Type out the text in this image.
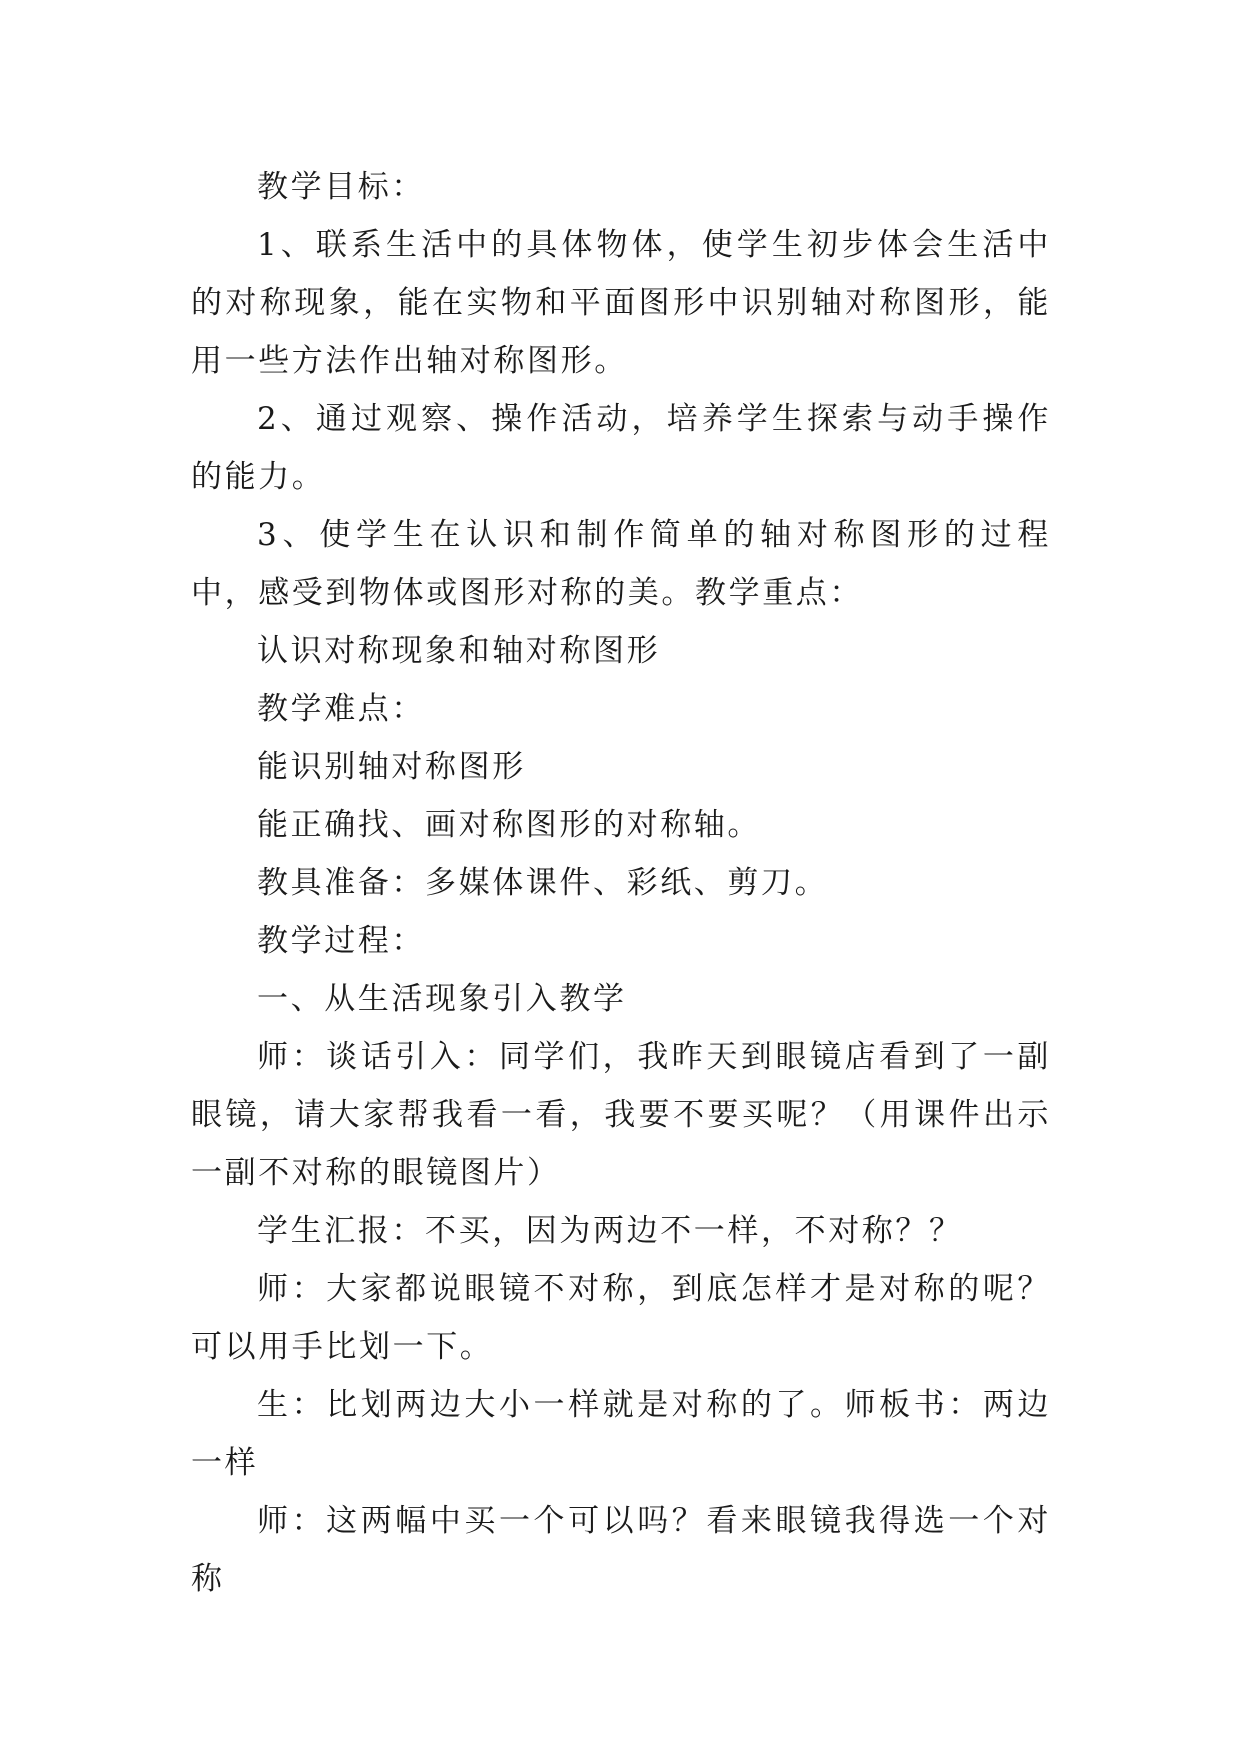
教学目标：

1、联系生活中的具体物体，使学生初步体会生活中的对称现象，能在实物和平面图形中识别轴对称图形，能用一些方法作出轴对称图形。

2、通过观察、操作活动，培养学生探索与动手操作的能力。

3、使学生在认识和制作简单的轴对称图形的过程中，感受到物体或图形对称的美。教学重点：

认识对称现象和轴对称图形

教学难点：

能识别轴对称图形

能正确找、画对称图形的对称轴。

教具准备：多媒体课件、彩纸、剪刀。

教学过程：

一、从生活现象引入教学

师：谈话引入：同学们，我昨天到眼镜店看到了一副眼镜，请大家帮我看一看，我要不要买呢？（用课件出示一副不对称的眼镜图片）

学生汇报：不买，因为两边不一样，不对称？？

师：大家都说眼镜不对称，到底怎样才是对称的呢？可以用手比划一下。

生：比划两边大小一样就是对称的了。师板书：两边一样

师：这两幅中买一个可以吗？看来眼镜我得选一个对称
